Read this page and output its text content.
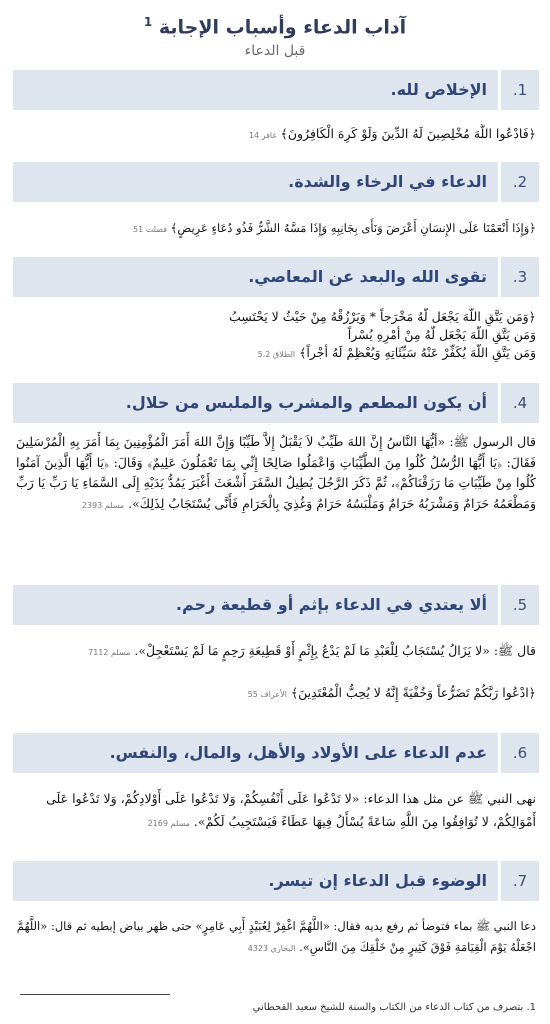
آداب الدعاء وأسباب الإجابة $^1$
قبل الدعاء
1.
الإخلاص لله.
﴿فَادْعُوا اللَّهَ مُخْلِصِينَ لَهُ الدِّينَ وَلَوْ كَرِهَ الْكَافِرُونَ﴾ غافر 14
2.
الدعاء في الرخاء والشدة.
﴿وَإِذَا أَنْعَمْنَا عَلَى الإِنسَانِ أَعْرَضَ وَنَأَى بِجَانِبِهِ وَإِذَا مَسَّهُ الشَّرُّ فَذُو دُعَاءٍ عَرِيضٍ﴾ فصلت 51
3.
تقوى الله والبعد عن المعاصي.
﴿وَمَن يَتَّقِ اللَّهَ يَجْعَل لَّهُ مَخْرَجاً * وَيَرْزُقْهُ مِنْ حَيْثُ لا يَحْتَسِبُ
وَمَن يَتَّقِ اللَّهَ يَجْعَل لَّهُ مِنْ أَمْرِهِ يُسْراً
وَمَن يَتَّقِ اللَّهَ يُكَفِّرْ عَنْهُ سَيِّئَاتِهِ وَيُعْظِمْ لَهُ أَجْراً﴾ الطلاق 5،2
4.
أن يكون المطعم والمشرب والملبس من حلال.
قال الرسول ﷺ: «أيُّهَا النَّاسُ إِنَّ اللهَ طَيِّبٌ لاَ يَقْبَلُ إِلاَّ طَيِّبًا وَإِنَّ اللهَ أَمَرَ الْمُؤْمِنِينَ بِمَا أَمَرَ بِهِ الْمُرْسَلِينَ فَقَالَ: ﴿يَا أَيُّهَا الرُّسُلُ كُلُوا مِنَ الطَّيِّبَاتِ وَاعْمَلُوا صَالِحًا إِنِّي بِمَا تَعْمَلُونَ عَلِيمٌ﴾ وَقَالَ: ﴿يَا أَيُّهَا الَّذِينَ آمَنُوا كُلُوا مِنْ طَيِّبَاتِ مَا رَزَقْنَاكُمْ﴾، ثُمَّ ذَكَرَ الرَّجُلَ يُطِيلُ السَّفَرَ أَشْعَثَ أَغْبَرَ يَمُدُّ يَدَيْهِ إِلَى السَّمَاءِ يَا رَبِّ يَا رَبِّ وَمَطْعَمُهُ حَرَامٌ وَمَشْرَبُهُ حَرَامٌ وَمَلْبَسُهُ حَرَامٌ وَغُذِيَ بِالْحَرَامِ فَأَنَّى يُسْتَجَابُ لِذَلِكَ». مسلم 2393
5.
ألا يعتدي في الدعاء بإثم أو قطيعة رحم.
قال ﷺ: «لا يَزَالُ يُسْتَجَابُ لِلْعَبْدِ مَا لَمْ يَدْعُ بِإِثْمٍ أَوْ قَطِيعَةِ رَحِمٍ مَا لَمْ يَسْتَعْجِلْ». مسلم 7112
﴿ادْعُوا رَبَّكُمْ تَضَرُّعاً وَخُفْيَةً إِنَّهُ لا يُحِبُّ الْمُعْتَدِينَ﴾ الأعراف 55
6.
عدم الدعاء على الأولاد والأهل، والمال، والنفس.
نهى النبي ﷺ عن مثل هذا الدعاء: «لا تَدْعُوا عَلَى أَنْفُسِكُمْ، وَلا تَدْعُوا عَلَى أَوْلادِكُمْ، وَلا تَدْعُوا عَلَى أَمْوَالِكُمْ، لا تُوَافِقُوا مِنَ اللَّهِ سَاعَةً يُسْأَلُ فِيهَا عَطَاءً فَيَسْتَجِيبُ لَكُمْ». مسلم 2169
7.
الوضوء قبل الدعاء إن تيسر.
دعا النبي ﷺ بماء فتوضأ ثم رفع يديه فقال: «اللَّهُمَّ اغْفِرْ لِعُبَيْدٍ أَبِي عَامِرٍ» حتى ظهر بياض إبطيه ثم قال: «اللَّهُمَّ اجْعَلْهُ يَوْمَ الْقِيَامَةِ فَوْقَ كَثِيرٍ مِنْ خَلْقِكَ مِنَ النَّاسِ». البخاري 4323
1. بتصرف من كتاب الدعاء من الكتاب والسنة للشيخ سعيد القحطاني
